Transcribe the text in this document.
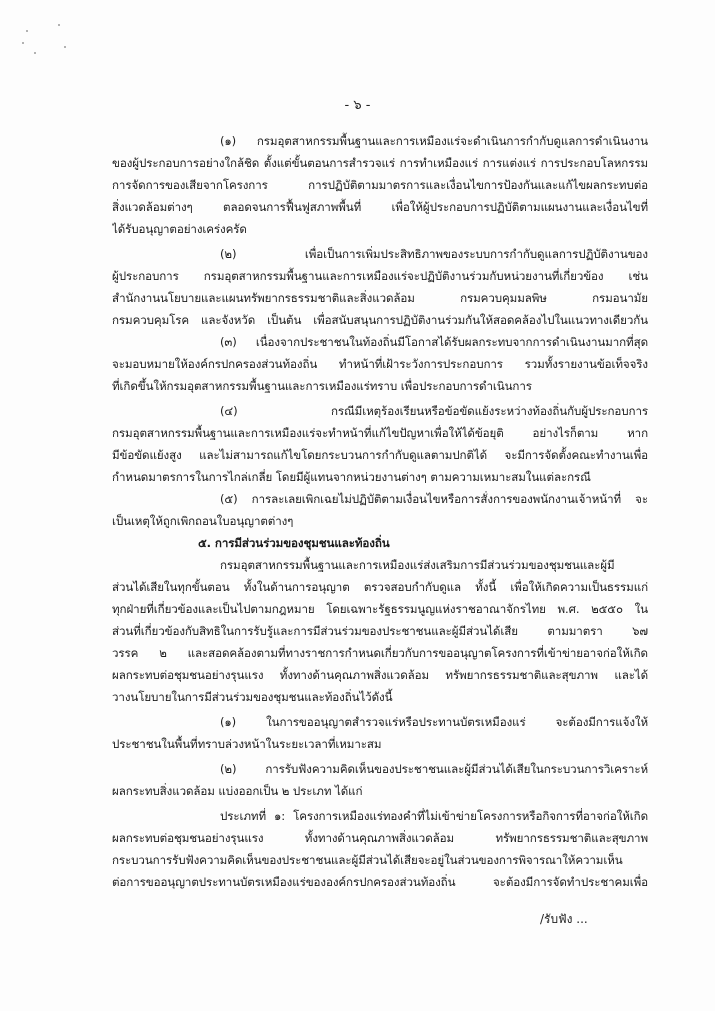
- ๖ -
(๑) กรมอุตสาหกรรมพื้นฐานและการเหมืองแร่จะดำเนินการกำกับดูแลการดำเนินงาน
ของผู้ประกอบการอย่างใกล้ชิด ตั้งแต่ขั้นตอนการสำรวจแร่ การทำเหมืองแร่ การแต่งแร่ การประกอบโลหกรรม
การจัดการของเสียจากโครงการ การปฏิบัติตามมาตรการและเงื่อนไขการป้องกันและแก้ไขผลกระทบต่อ
สิ่งแวดล้อมต่างๆ ตลอดจนการฟื้นฟูสภาพพื้นที่ เพื่อให้ผู้ประกอบการปฏิบัติตามแผนงานและเงื่อนไขที่
ได้รับอนุญาตอย่างเคร่งครัด
(๒) เพื่อเป็นการเพิ่มประสิทธิภาพของระบบการกำกับดูแลการปฏิบัติงานของ
ผู้ประกอบการ กรมอุตสาหกรรมพื้นฐานและการเหมืองแร่จะปฏิบัติงานร่วมกับหน่วยงานที่เกี่ยวข้อง เช่น
สำนักงานนโยบายและแผนทรัพยากรธรรมชาติและสิ่งแวดล้อม กรมควบคุมมลพิษ กรมอนามัย
กรมควบคุมโรค และจังหวัด เป็นต้น เพื่อสนับสนุนการปฏิบัติงานร่วมกันให้สอดคล้องไปในแนวทางเดียวกัน
(๓) เนื่องจากประชาชนในท้องถิ่นมีโอกาสได้รับผลกระทบจากการดำเนินงานมากที่สุด
จะมอบหมายให้องค์กรปกครองส่วนท้องถิ่น ทำหน้าที่เฝ้าระวังการประกอบการ รวมทั้งรายงานข้อเท็จจริง
ที่เกิดขึ้นให้กรมอุตสาหกรรมพื้นฐานและการเหมืองแร่ทราบ เพื่อประกอบการดำเนินการ
(๔) กรณีมีเหตุร้องเรียนหรือข้อขัดแย้งระหว่างท้องถิ่นกับผู้ประกอบการ
กรมอุตสาหกรรมพื้นฐานและการเหมืองแร่จะทำหน้าที่แก้ไขปัญหาเพื่อให้ได้ข้อยุติ อย่างไรก็ตาม หาก
มีข้อขัดแย้งสูง และไม่สามารถแก้ไขโดยกระบวนการกำกับดูแลตามปกติได้ จะมีการจัดตั้งคณะทำงานเพื่อ
กำหนดมาตรการในการไกล่เกลี่ย โดยมีผู้แทนจากหน่วยงานต่างๆ ตามความเหมาะสมในแต่ละกรณี
(๕) การละเลยเพิกเฉยไม่ปฏิบัติตามเงื่อนไขหรือการสั่งการของพนักงานเจ้าหน้าที่ จะ
เป็นเหตุให้ถูกเพิกถอนใบอนุญาตต่างๆ
๕. การมีส่วนร่วมของชุมชนและท้องถิ่น
กรมอุตสาหกรรมพื้นฐานและการเหมืองแร่ส่งเสริมการมีส่วนร่วมของชุมชนและผู้มี
ส่วนได้เสียในทุกขั้นตอน ทั้งในด้านการอนุญาต ตรวจสอบกำกับดูแล ทั้งนี้ เพื่อให้เกิดความเป็นธรรมแก่
ทุกฝ่ายที่เกี่ยวข้องและเป็นไปตามกฎหมาย โดยเฉพาะรัฐธรรมนูญแห่งราชอาณาจักรไทย พ.ศ. ๒๕๕๐ ใน
ส่วนที่เกี่ยวข้องกับสิทธิในการรับรู้และการมีส่วนร่วมของประชาชนและผู้มีส่วนได้เสีย ตามมาตรา ๖๗
วรรค ๒ และสอดคล้องตามที่ทางราชการกำหนดเกี่ยวกับการขออนุญาตโครงการที่เข้าข่ายอาจก่อให้เกิด
ผลกระทบต่อชุมชนอย่างรุนแรง ทั้งทางด้านคุณภาพสิ่งแวดล้อม ทรัพยากรธรรมชาติและสุขภาพ และได้
วางนโยบายในการมีส่วนร่วมของชุมชนและท้องถิ่นไว้ดังนี้
(๑) ในการขออนุญาตสำรวจแร่หรือประทานบัตรเหมืองแร่ จะต้องมีการแจ้งให้
ประชาชนในพื้นที่ทราบล่วงหน้าในระยะเวลาที่เหมาะสม
(๒) การรับฟังความคิดเห็นของประชาชนและผู้มีส่วนได้เสียในกระบวนการวิเคราะห์
ผลกระทบสิ่งแวดล้อม แบ่งออกเป็น ๒ ประเภท ได้แก่
ประเภทที่ ๑: โครงการเหมืองแร่ทองคำที่ไม่เข้าข่ายโครงการหรือกิจการที่อาจก่อให้เกิด
ผลกระทบต่อชุมชนอย่างรุนแรง ทั้งทางด้านคุณภาพสิ่งแวดล้อม ทรัพยากรธรรมชาติและสุขภาพ
กระบวนการรับฟังความคิดเห็นของประชาชนและผู้มีส่วนได้เสียจะอยู่ในส่วนของการพิจารณาให้ความเห็น
ต่อการขออนุญาตประทานบัตรเหมืองแร่ขององค์กรปกครองส่วนท้องถิ่น จะต้องมีการจัดทำประชาคมเพื่อ
/รับฟัง ...
